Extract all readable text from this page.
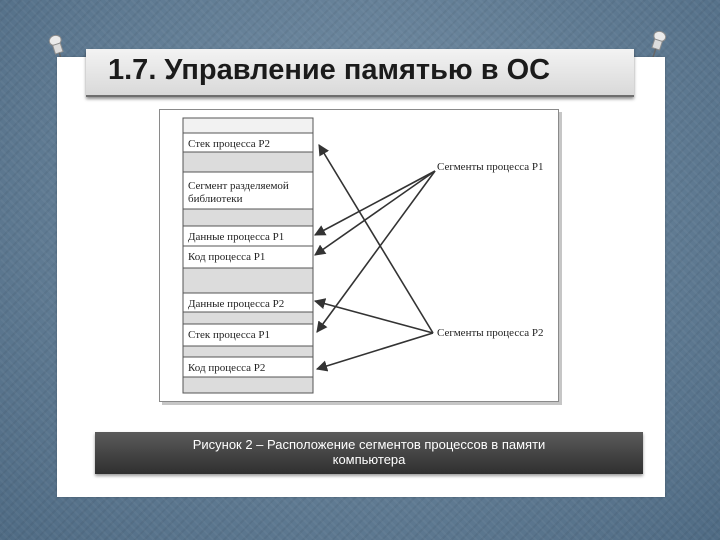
1.7. Управление памятью в ОС
Стек процесса P2
Сегмент разделяемой
библиотеки
Данные процесса P1
Код процесса P1
Данные процесса P2
Стек процесса P1
Код процесса P2
Сегменты процесса P1
Сегменты процесса P2
Рисунок 2 – Расположение сегментов процессов в памяти
компьютера
